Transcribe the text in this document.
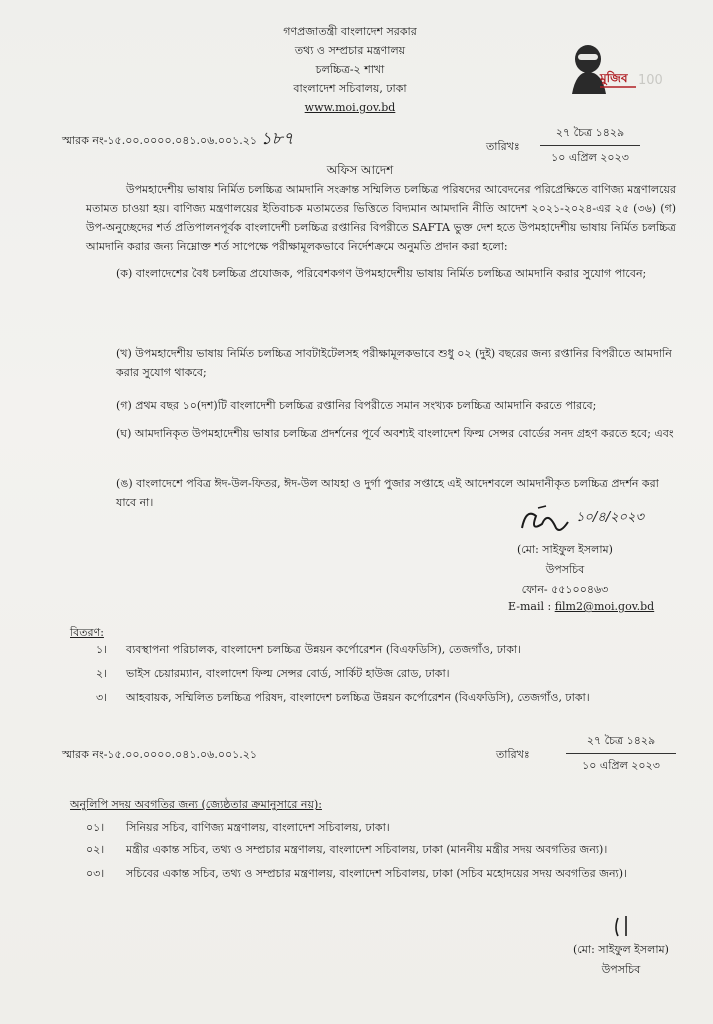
গণপ্রজাতন্ত্রী বাংলাদেশ সরকার
তথ্য ও সম্প্রচার মন্ত্রণালয়
চলচ্চিত্র-২ শাখা
বাংলাদেশ সচিবালয়, ঢাকা
www.moi.gov.bd
মুজিব 100
স্মারক নং-১৫.০০.০০০০.০৪১.০৬.০০১.২১ ১৮৭	তারিখঃ
২৭ চৈত্র ১৪২৯
১০ এপ্রিল ২০২৩
অফিস আদেশ
উপমহাদেশীয় ভাষায় নির্মিত চলচ্চিত্র আমদানি সংক্রান্ত সম্মিলিত চলচ্চিত্র পরিষদের আবেদনের পরিপ্রেক্ষিতে বাণিজ্য মন্ত্রণালয়ের মতামত চাওয়া হয়। বাণিজ্য মন্ত্রণালয়ের ইতিবাচক মতামতের ভিত্তিতে বিদ্যমান আমদানি নীতি আদেশ ২০২১-২০২৪-এর ২৫ (৩৬) (গ) উপ-অনুচ্ছেদের শর্ত প্রতিপালনপূর্বক বাংলাদেশী চলচ্চিত্র রপ্তানির বিপরীতে SAFTA ভুক্ত দেশ হতে উপমহাদেশীয় ভাষায় নির্মিত চলচ্চিত্র আমদানি করার জন্য নিম্নোক্ত শর্ত সাপেক্ষে পরীক্ষামূলকভাবে নির্দেশক্রমে অনুমতি প্রদান করা হলো:
(ক) বাংলাদেশের বৈধ চলচ্চিত্র প্রযোজক, পরিবেশকগণ উপমহাদেশীয় ভাষায় নির্মিত চলচ্চিত্র আমদানি করার সুযোগ পাবেন;
(খ) উপমহাদেশীয় ভাষায় নির্মিত চলচ্চিত্র সাবটাইটেলসহ পরীক্ষামূলকভাবে শুধু ০২ (দুই) বছরের জন্য রপ্তানির বিপরীতে আমদানি করার সুযোগ থাকবে;
(গ) প্রথম বছর ১০(দশ)টি বাংলাদেশী চলচ্চিত্র রপ্তানির বিপরীতে সমান সংখ্যক চলচ্চিত্র আমদানি করতে পারবে;
(ঘ) আমদানিকৃত উপমহাদেশীয় ভাষার চলচ্চিত্র প্রদর্শনের পূর্বে অবশ্যই বাংলাদেশ ফিল্ম সেন্সর বোর্ডের সনদ গ্রহণ করতে হবে; এবং
(ঙ) বাংলাদেশে পবিত্র ঈদ-উল-ফিতর, ঈদ-উল আযহা ও দুর্গা পুজার সপ্তাহে এই আদেশবলে আমদানীকৃত চলচ্চিত্র প্রদর্শন করা যাবে না।
১০/৪/২০২৩
(মো: সাইফুল ইসলাম)
উপসচিব
ফোন- ৫৫১০০৪৬৩
E-mail : film2@moi.gov.bd
বিতরণ:
১।	ব্যবস্থাপনা পরিচালক, বাংলাদেশ চলচ্চিত্র উন্নয়ন কর্পোরেশন (বিএফডিসি), তেজগাঁও, ঢাকা।
২।	ভাইস চেয়ারম্যান, বাংলাদেশ ফিল্ম সেন্সর বোর্ড, সার্কিট হাউজ রোড, ঢাকা।
৩।	আহবায়ক, সম্মিলিত চলচ্চিত্র পরিষদ, বাংলাদেশ চলচ্চিত্র উন্নয়ন কর্পোরেশন (বিএফডিসি), তেজগাঁও, ঢাকা।
স্মারক নং-১৫.০০.০০০০.০৪১.০৬.০০১.২১	তারিখঃ
২৭ চৈত্র ১৪২৯
১০ এপ্রিল ২০২৩
অনুলিপি সদয় অবগতির জন্য (জ্যেষ্ঠতার ক্রমানুসারে নয়):
০১।	সিনিয়র সচিব, বাণিজ্য মন্ত্রণালয়, বাংলাদেশ সচিবালয়, ঢাকা।
০২।	মন্ত্রীর একান্ত সচিব, তথ্য ও সম্প্রচার মন্ত্রণালয়, বাংলাদেশ সচিবালয়, ঢাকা (মাননীয় মন্ত্রীর সদয় অবগতির জন্য)।
০৩।	সচিবের একান্ত সচিব, তথ্য ও সম্প্রচার মন্ত্রণালয়, বাংলাদেশ সচিবালয়, ঢাকা (সচিব মহোদয়ের সদয় অবগতির জন্য)।
(মো: সাইফুল ইসলাম)
উপসচিব
